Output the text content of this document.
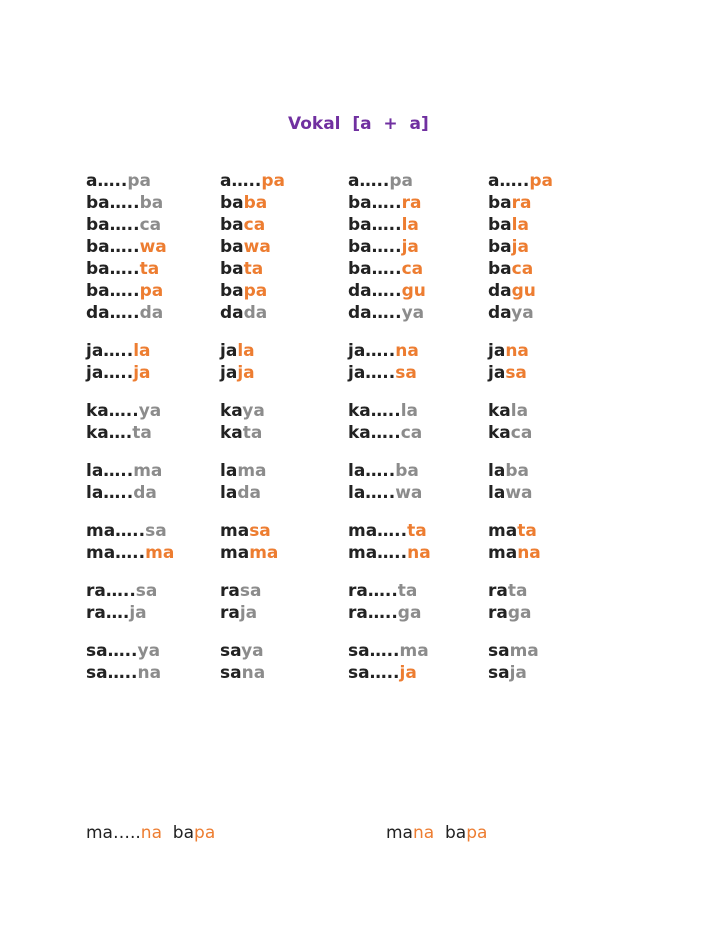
Vokal  [a  +  a]
a…..pa	a…..pa	a…..pa	a…..pa
ba…..ba	baba	ba…..ra	bara
ba…..ca	baca	ba…..la	bala
ba…..wa	bawa	ba…..ja	baja
ba…..ta	bata	ba…..ca	baca
ba…..pa	bapa	da…..gu	dagu
da…..da	dada	da…..ya	daya
ja…..la	jala	ja…..na	jana
ja…..ja	jaja	ja…..sa	jasa
ka…..ya	kaya	ka…..la	kala
ka….ta	kata	ka…..ca	kaca
la…..ma	lama	la…..ba	laba
la…..da	lada	la…..wa	lawa
ma…..sa	masa	ma…..ta	mata
ma…..ma	mama	ma…..na	mana
ra…..sa	rasa	ra…..ta	rata
ra….ja	raja	ra…..ga	raga
sa…..ya	saya	sa…..ma	sama
sa…..na	sana	sa…..ja	saja
ma…..na  bapa	mana  bapa
